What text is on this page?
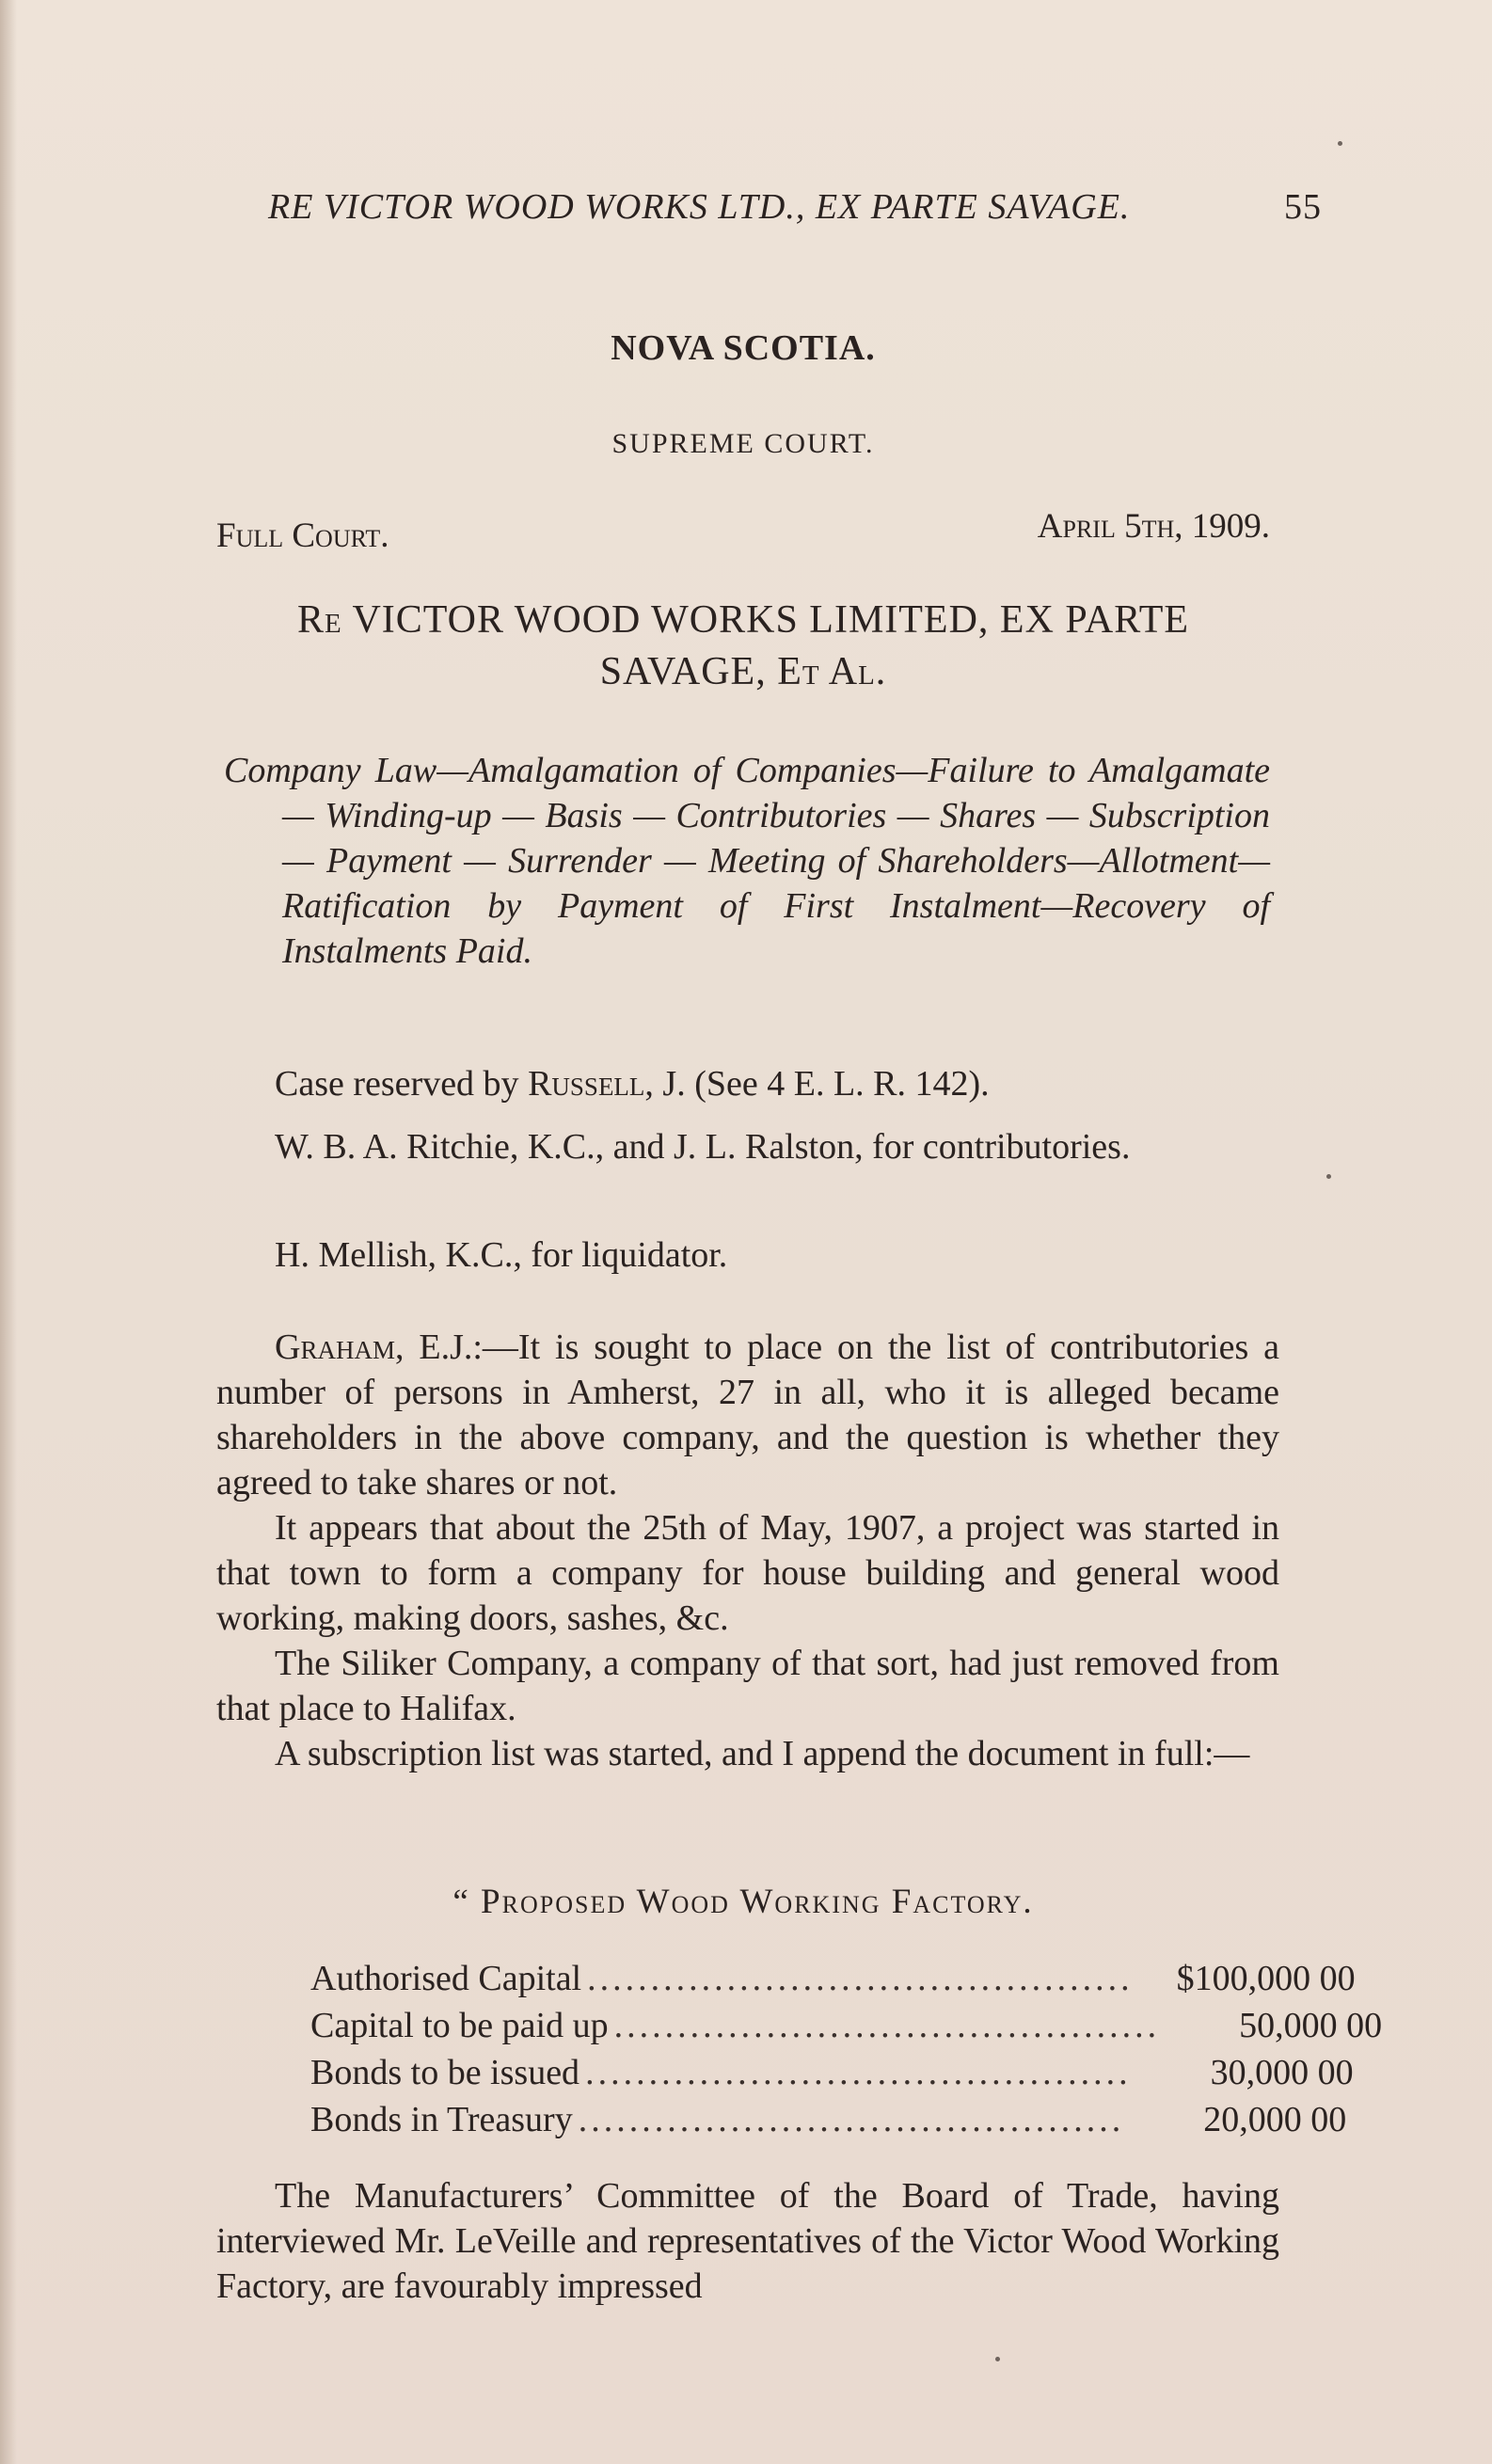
RE VICTOR WOOD WORKS LTD., EX PARTE SAVAGE.	55
NOVA SCOTIA.
SUPREME COURT.
Full Court.	April 5th, 1909.
Re VICTOR WOOD WORKS LIMITED, EX PARTE
SAVAGE, Et Al.

Company Law—Amalgamation of Companies—Failure to Amalgamate — Winding-up — Basis — Contributories — Shares — Subscription — Payment — Surrender — Meeting of Shareholders—Allotment—Ratification by Payment of First Instalment—Recovery of Instalments Paid.

Case reserved by Russell, J. (See 4 E. L. R. 142).

W. B. A. Ritchie, K.C., and J. L. Ralston, for contributories.

H. Mellish, K.C., for liquidator.

Graham, E.J.:—It is sought to place on the list of contributories a number of persons in Amherst, 27 in all, who it is alleged became shareholders in the above company, and the question is whether they agreed to take shares or not.

It appears that about the 25th of May, 1907, a project was started in that town to form a company for house building and general wood working, making doors, sashes, &c.

The Siliker Company, a company of that sort, had just removed from that place to Halifax.

A subscription list was started, and I append the document in full:—

“ Proposed Wood Working Factory.
Authorised Capital ...........................................	$100,000 00
Capital to be paid up ...........................................	50,000 00
Bonds to be issued ...........................................	30,000 00
Bonds in Treasury ...........................................	20,000 00

The Manufacturers’ Committee of the Board of Trade, having interviewed Mr. LeVeille and representatives of the Victor Wood Working Factory, are favourably impressed
